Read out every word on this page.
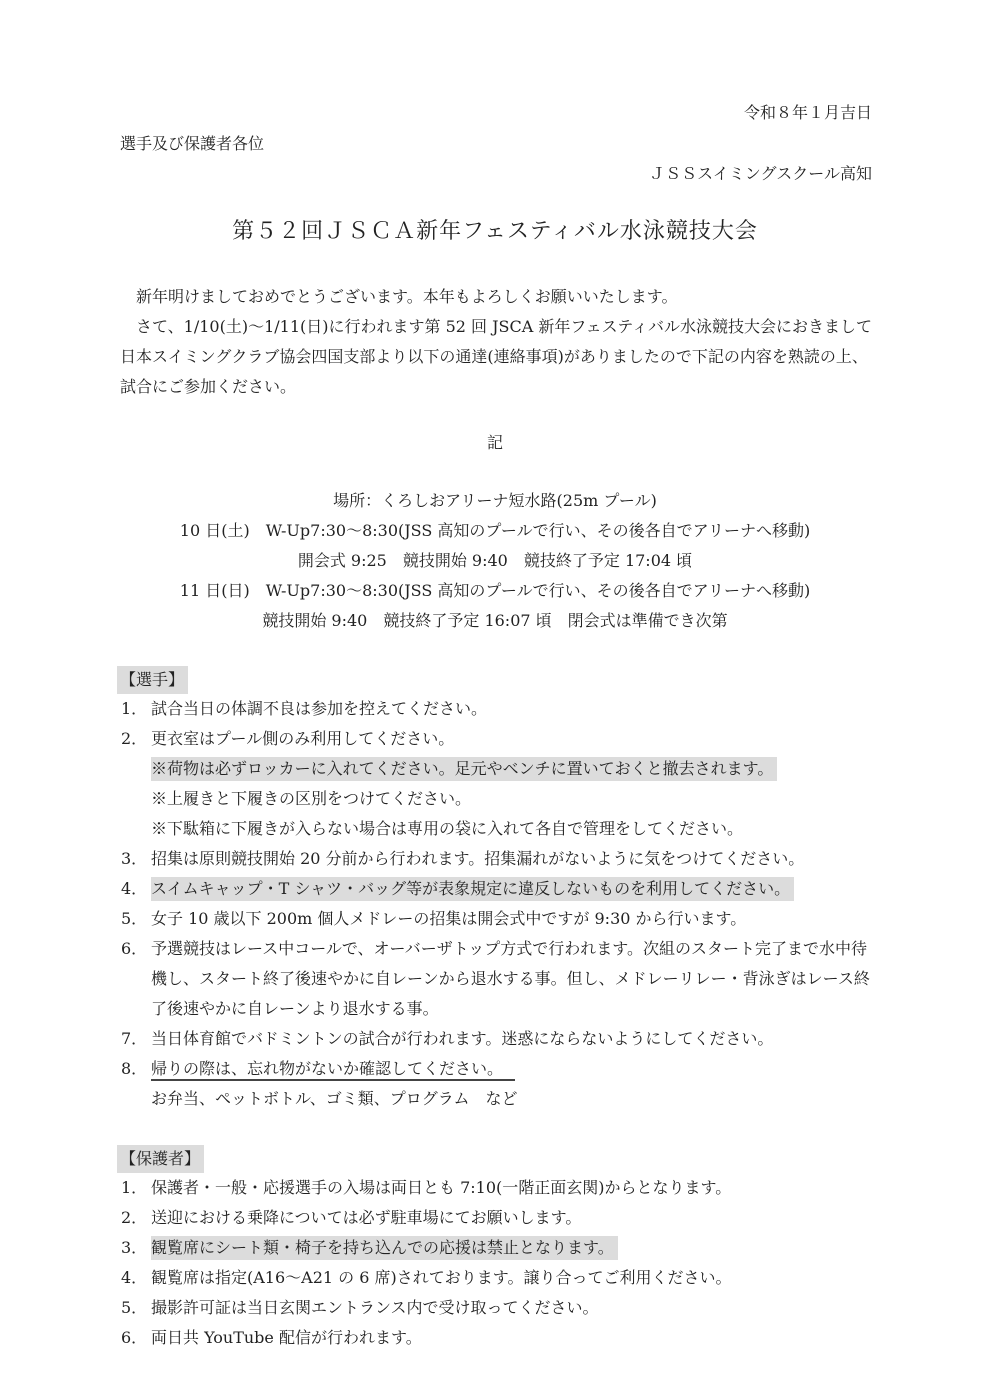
令和８年１月吉日
選手及び保護者各位
ＪＳＳスイミングスクール高知
第５２回ＪＳＣＡ新年フェスティバル水泳競技大会

新年明けましておめでとうございます。本年もよろしくお願いいたします。

さて、1/10(土)～1/11(日)に行われます第 52 回 JSCA 新年フェスティバル水泳競技大会におきまして日本スイミングクラブ協会四国支部より以下の通達(連絡事項)がありましたので下記の内容を熟読の上、試合にご参加ください。

記
場所：くろしおアリーナ短水路(25m プール)
10 日(土)　W-Up7:30～8:30(JSS 高知のプールで行い、その後各自でアリーナへ移動)
開会式 9:25　競技開始 9:40　競技終了予定 17:04 頃
11 日(日)　W-Up7:30～8:30(JSS 高知のプールで行い、その後各自でアリーナへ移動)
競技開始 9:40　競技終了予定 16:07 頃　閉会式は準備でき次第
【選手】
1． 試合当日の体調不良は参加を控えてください。
2． 更衣室はプール側のみ利用してください。
※荷物は必ずロッカーに入れてください。足元やベンチに置いておくと撤去されます。
※上履きと下履きの区別をつけてください。
※下駄箱に下履きが入らない場合は専用の袋に入れて各自で管理をしてください。
3． 招集は原則競技開始 20 分前から行われます。招集漏れがないように気をつけてください。
4． スイムキャップ・T シャツ・バッグ等が表象規定に違反しないものを利用してください。
5． 女子 10 歳以下 200m 個人メドレーの招集は開会式中ですが 9:30 から行います。
6． 予選競技はレース中コールで、オーバーザトップ方式で行われます。次組のスタート完了まで水中待機し、スタート終了後速やかに自レーンから退水する事。但し、メドレーリレー・背泳ぎはレース終了後速やかに自レーンより退水する事。
7． 当日体育館でバドミントンの試合が行われます。迷惑にならないようにしてください。
8． 帰りの際は、忘れ物がないか確認してください。
お弁当、ペットボトル、ゴミ類、プログラム　など
【保護者】
1． 保護者・一般・応援選手の入場は両日とも 7:10(一階正面玄関)からとなります。
2． 送迎における乗降については必ず駐車場にてお願いします。
3． 観覧席にシート類・椅子を持ち込んでの応援は禁止となります。
4． 観覧席は指定(A16～A21 の 6 席)されております。譲り合ってご利用ください。
5． 撮影許可証は当日玄関エントランス内で受け取ってください。
6． 両日共 YouTube 配信が行われます。
